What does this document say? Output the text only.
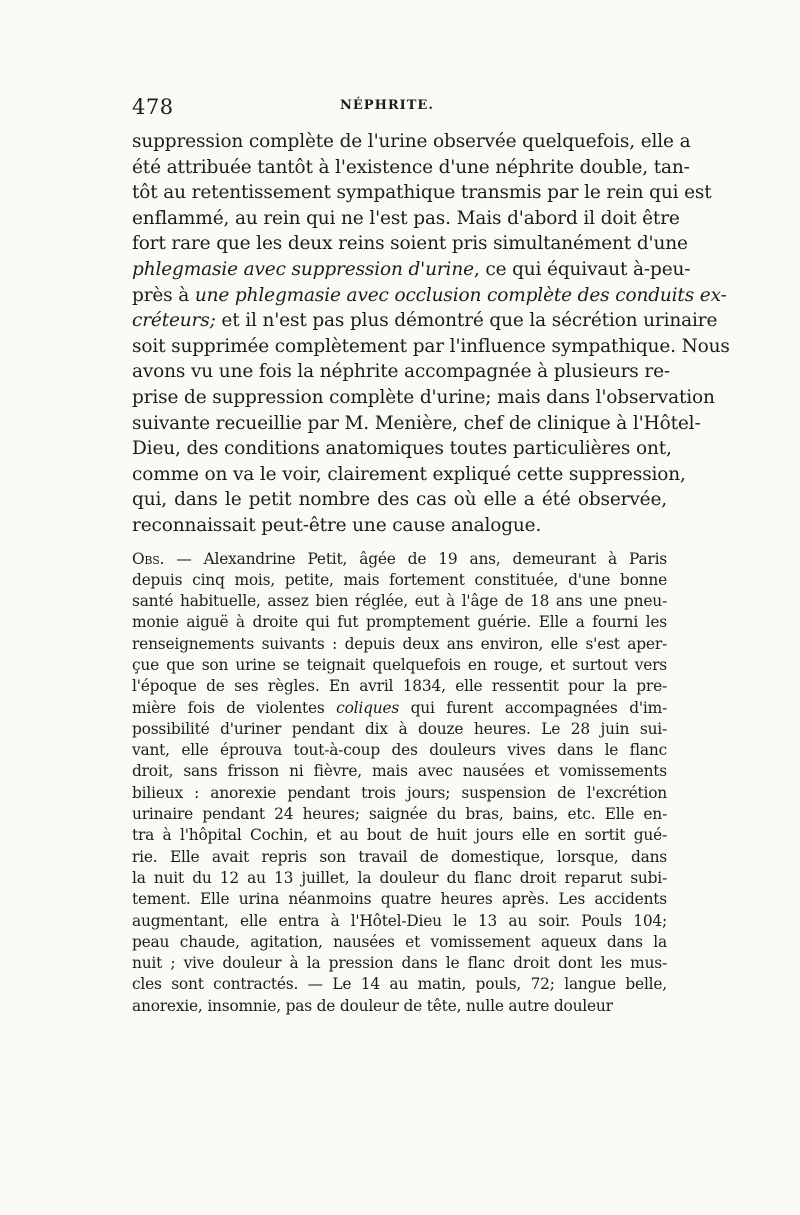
478	NÉPHRITE.
suppression complète de l'urine observée quelquefois, elle a
été attribuée tantôt à l'existence d'une néphrite double, tan-
tôt au retentissement sympathique transmis par le rein qui est
enflammé, au rein qui ne l'est pas. Mais d'abord il doit être
fort rare que les deux reins soient pris simultanément d'une
phlegmasie avec suppression d'urine, ce qui équivaut à-peu-
près à une phlegmasie avec occlusion complète des conduits ex-
créteurs; et il n'est pas plus démontré que la sécrétion urinaire
soit supprimée complètement par l'influence sympathique. Nous
avons vu une fois la néphrite accompagnée à plusieurs re-
prise de suppression complète d'urine; mais dans l'observation
suivante recueillie par M. Menière, chef de clinique à l'Hôtel-
Dieu, des conditions anatomiques toutes particulières ont,
comme on va le voir, clairement expliqué cette suppression,
qui, dans le petit nombre des cas où elle a été observée,
reconnaissait peut-être une cause analogue.
Obs. — Alexandrine Petit, âgée de 19 ans, demeurant à Paris
depuis cinq mois, petite, mais fortement constituée, d'une bonne
santé habituelle, assez bien réglée, eut à l'âge de 18 ans une pneu-
monie aiguë à droite qui fut promptement guérie. Elle a fourni les
renseignements suivants : depuis deux ans environ, elle s'est aper-
çue que son urine se teignait quelquefois en rouge, et surtout vers
l'époque de ses règles. En avril 1834, elle ressentit pour la pre-
mière fois de violentes coliques qui furent accompagnées d'im-
possibilité d'uriner pendant dix à douze heures. Le 28 juin sui-
vant, elle éprouva tout-à-coup des douleurs vives dans le flanc
droit, sans frisson ni fièvre, mais avec nausées et vomissements
bilieux : anorexie pendant trois jours; suspension de l'excrétion
urinaire pendant 24 heures; saignée du bras, bains, etc. Elle en-
tra à l'hôpital Cochin, et au bout de huit jours elle en sortit gué-
rie. Elle avait repris son travail de domestique, lorsque, dans
la nuit du 12 au 13 juillet, la douleur du flanc droit reparut subi-
tement. Elle urina néanmoins quatre heures après. Les accidents
augmentant, elle entra à l'Hôtel-Dieu le 13 au soir. Pouls 104;
peau chaude, agitation, nausées et vomissement aqueux dans la
nuit ; vive douleur à la pression dans le flanc droit dont les mus-
cles sont contractés. — Le 14 au matin, pouls, 72; langue belle,
anorexie, insomnie, pas de douleur de tête, nulle autre douleur
